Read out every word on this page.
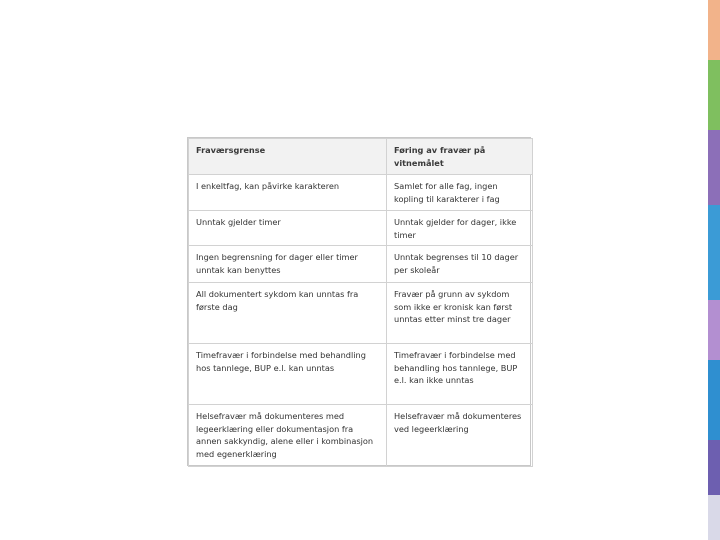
Fraværsgrense	Føring av fravær på vitnemålet
I enkeltfag, kan påvirke karakteren	Samlet for alle fag, ingen kopling til karakterer i fag
Unntak gjelder timer	Unntak gjelder for dager, ikke timer
Ingen begrensning for dager eller timer unntak kan benyttes	Unntak begrenses til 10 dager per skoleår
All dokumentert sykdom kan unntas fra første dag	Fravær på grunn av sykdom som ikke er kronisk kan først unntas etter minst tre dager
Timefravær i forbindelse med behandling hos tannlege, BUP e.l. kan unntas	Timefravær i forbindelse med behandling hos tannlege, BUP e.l. kan ikke unntas
Helsefravær må dokumenteres med legeerklæring eller dokumentasjon fra annen sakkyndig, alene eller i kombinasjon med egenerklæring	Helsefravær må dokumenteres ved legeerklæring
